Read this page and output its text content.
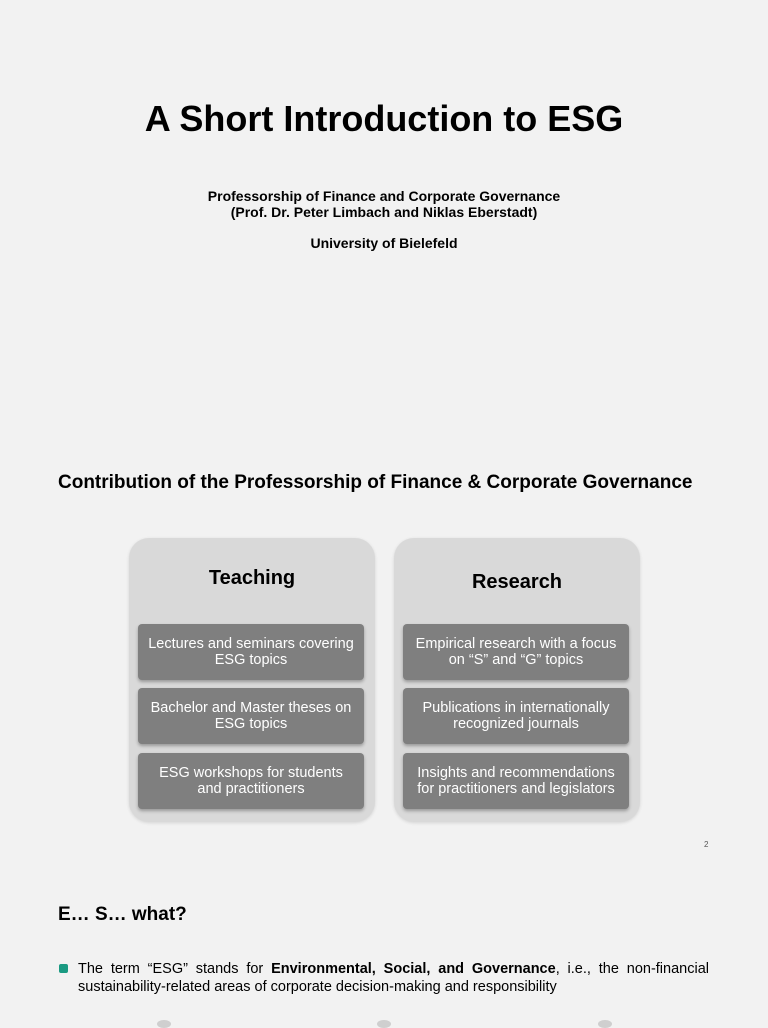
A Short Introduction to ESG
Professorship of Finance and Corporate Governance
(Prof. Dr. Peter Limbach and Niklas Eberstadt)
University of Bielefeld
Contribution of the Professorship of Finance & Corporate Governance
Teaching
Lectures and seminars covering
ESG topics
Bachelor and Master theses on
ESG topics
ESG workshops for students
and practitioners
Research
Empirical research with a focus
on “S” and “G” topics
Publications in internationally
recognized journals
Insights and recommendations
for practitioners and legislators
2
E… S… what?
The term “ESG” stands for Environmental, Social, and Governance, i.e., the non-financial sustainability-related areas of corporate decision-making and responsibility
